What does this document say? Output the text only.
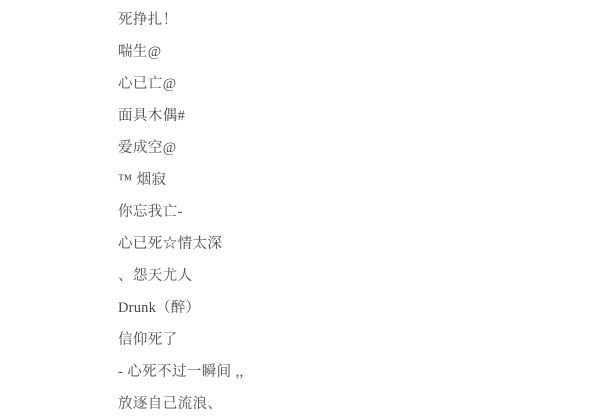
死挣扎！
喘生@
心已亡@
面具木偶#
爱成空@
™ 烟寂
你忘我亡-
心已死☆情太深
、怨天尤人
Drunk（醉）
信仰死了
- 心死不过一瞬间 ,,
放逐自己流浪、
